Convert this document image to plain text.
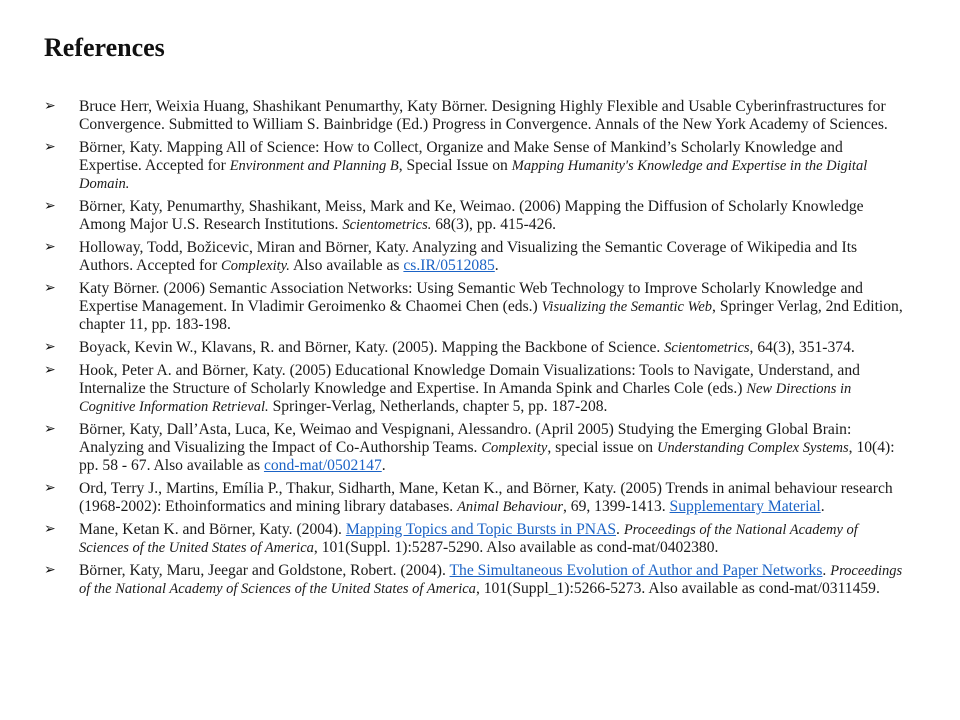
References
➢ Bruce Herr, Weixia Huang, Shashikant Penumarthy, Katy Börner. Designing Highly Flexible and Usable Cyberinfrastructures for Convergence. Submitted to William S. Bainbridge (Ed.) Progress in Convergence. Annals of the New York Academy of Sciences.
➢ Börner, Katy. Mapping All of Science: How to Collect, Organize and Make Sense of Mankind’s Scholarly Knowledge and Expertise. Accepted for Environment and Planning B, Special Issue on Mapping Humanity's Knowledge and Expertise in the Digital Domain.
➢ Börner, Katy, Penumarthy, Shashikant, Meiss, Mark and Ke, Weimao. (2006) Mapping the Diffusion of Scholarly Knowledge Among Major U.S. Research Institutions. Scientometrics. 68(3), pp. 415-426.
➢ Holloway, Todd, Božicevic, Miran and Börner, Katy. Analyzing and Visualizing the Semantic Coverage of Wikipedia and Its Authors. Accepted for Complexity. Also available as cs.IR/0512085.
➢ Katy Börner. (2006) Semantic Association Networks: Using Semantic Web Technology to Improve Scholarly Knowledge and Expertise Management. In Vladimir Geroimenko & Chaomei Chen (eds.) Visualizing the Semantic Web, Springer Verlag, 2nd Edition, chapter 11, pp. 183-198.
➢ Boyack, Kevin W., Klavans, R. and Börner, Katy. (2005). Mapping the Backbone of Science. Scientometrics, 64(3), 351-374.
➢ Hook, Peter A. and Börner, Katy. (2005) Educational Knowledge Domain Visualizations: Tools to Navigate, Understand, and Internalize the Structure of Scholarly Knowledge and Expertise. In Amanda Spink and Charles Cole (eds.) New Directions in Cognitive Information Retrieval. Springer-Verlag, Netherlands, chapter 5, pp. 187-208.
➢ Börner, Katy, Dall’Asta, Luca, Ke, Weimao and Vespignani, Alessandro. (April 2005) Studying the Emerging Global Brain: Analyzing and Visualizing the Impact of Co-Authorship Teams. Complexity, special issue on Understanding Complex Systems, 10(4): pp. 58 - 67. Also available as cond-mat/0502147.
➢ Ord, Terry J., Martins, Emília P., Thakur, Sidharth, Mane, Ketan K., and Börner, Katy. (2005) Trends in animal behaviour research (1968-2002): Ethoinformatics and mining library databases. Animal Behaviour, 69, 1399-1413. Supplementary Material.
➢ Mane, Ketan K. and Börner, Katy. (2004). Mapping Topics and Topic Bursts in PNAS. Proceedings of the National Academy of Sciences of the United States of America, 101(Suppl. 1):5287-5290. Also available as cond-mat/0402380.
➢ Börner, Katy, Maru, Jeegar and Goldstone, Robert. (2004). The Simultaneous Evolution of Author and Paper Networks. Proceedings of the National Academy of Sciences of the United States of America, 101(Suppl_1):5266-5273. Also available as cond-mat/0311459.
